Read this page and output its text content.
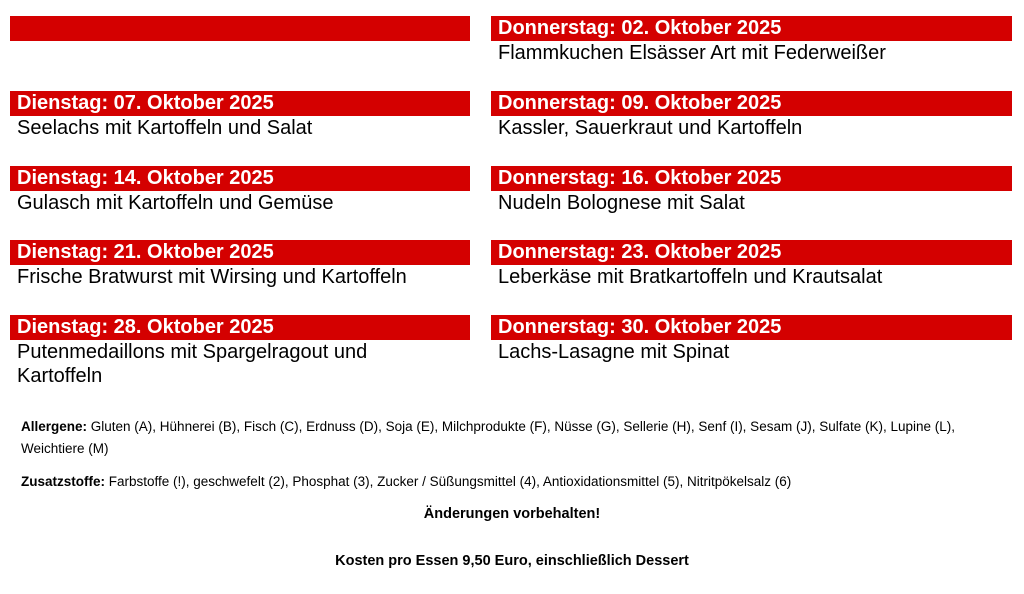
Donnerstag: 02. Oktober 2025
Flammkuchen Elsässer Art mit Federweißer
Dienstag: 07. Oktober 2025
Seelachs mit Kartoffeln und Salat
Donnerstag: 09. Oktober 2025
Kassler, Sauerkraut und Kartoffeln
Dienstag: 14. Oktober 2025
Gulasch mit Kartoffeln und Gemüse
Donnerstag: 16. Oktober 2025
Nudeln Bolognese mit Salat
Dienstag: 21. Oktober 2025
Frische Bratwurst mit Wirsing und Kartoffeln
Donnerstag: 23. Oktober 2025
Leberkäse mit Bratkartoffeln und Krautsalat
Dienstag: 28. Oktober 2025
Putenmedaillons mit Spargelragout und Kartoffeln
Donnerstag: 30. Oktober 2025
Lachs-Lasagne mit Spinat
Allergene: Gluten (A), Hühnerei (B), Fisch (C), Erdnuss (D), Soja (E), Milchprodukte (F), Nüsse (G), Sellerie (H), Senf (I), Sesam (J), Sulfate (K), Lupine (L), Weichtiere (M)
Zusatzstoffe: Farbstoffe (!), geschwefelt (2), Phosphat (3), Zucker / Süßungsmittel (4), Antioxidationsmittel (5), Nitritpökelsalz (6)
Änderungen vorbehalten!
Kosten pro Essen 9,50 Euro, einschließlich Dessert
